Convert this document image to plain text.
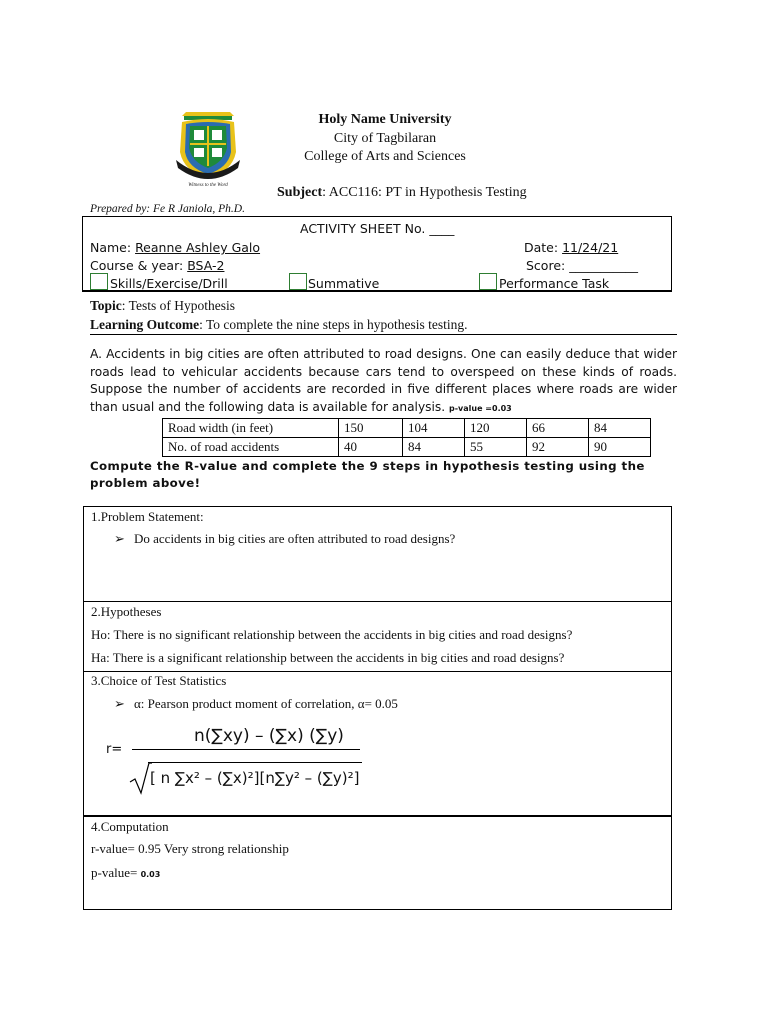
Witness to the Word
Holy Name University
City of Tagbilaran
College of Arts and Sciences
Subject: ACC116: PT in Hypothesis Testing
Prepared by: Fe R Janiola, Ph.D.
ACTIVITY SHEET No. ____
Name: Reanne Ashley Galo	Date: 11/24/21
Course & year: BSA-2	Score: ___________
Skills/Exercise/Drill	Summative	Performance Task
Topic: Tests of Hypothesis
Learning Outcome: To complete the nine steps in hypothesis testing.
A. Accidents in big cities are often attributed to road designs. One can easily deduce that wider roads lead to vehicular accidents because cars tend to overspeed on these kinds of roads. Suppose the number of accidents are recorded in five different places where roads are wider than usual and the following data is available for analysis. p-value =0.03
Road width (in feet)	150	104	120	66	84
No. of road accidents	40	84	55	92	90
Compute the R-value and complete the 9 steps in hypothesis testing using the problem above!
1.Problem Statement:
➢ Do accidents in big cities are often attributed to road designs?
2.Hypotheses
Ho: There is no significant relationship between the accidents in big cities and road designs?
Ha: There is a significant relationship between the accidents in big cities and road designs?
3.Choice of Test Statistics
➢ α: Pearson product moment of correlation, α= 0.05
r=
n(∑xy) – (∑x) (∑y)
[ n ∑x² – (∑x)²][n∑y² – (∑y)²]
4.Computation
r-value= 0.95 Very strong relationship
p-value= 0.03
